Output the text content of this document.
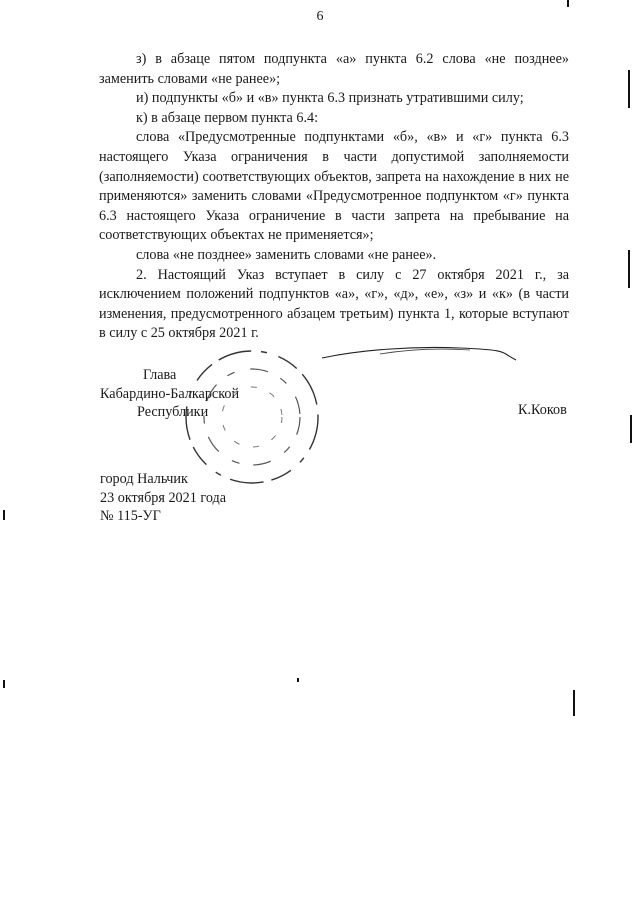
6

з) в абзаце пятом подпункта «а» пункта 6.2 слова «не позднее» заменить словами «не ранее»;

и) подпункты «б» и «в» пункта 6.3 признать утратившими силу;

к) в абзаце первом пункта 6.4:

слова «Предусмотренные подпунктами «б», «в» и «г» пункта 6.3 настоящего Указа ограничения в части допустимой заполняемости (заполняемости) соответствующих объектов, запрета на нахождение в них не применяются» заменить словами «Предусмотренное подпунктом «г» пункта 6.3 настоящего Указа ограничение в части запрета на пребывание на соответствующих объектах не применяется»;

слова «не позднее» заменить словами «не ранее».

2. Настоящий Указ вступает в силу с 27 октября 2021 г., за исключением положений подпунктов «а», «г», «д», «е», «з» и «к» (в части изменения, предусмотренного абзацем третьим) пункта 1, которые вступают в силу с 25 октября 2021 г.

Глава
Кабардино-Балкарской
Республики	К.Коков
город Нальчик
23 октября 2021 года
№ 115-УГ
